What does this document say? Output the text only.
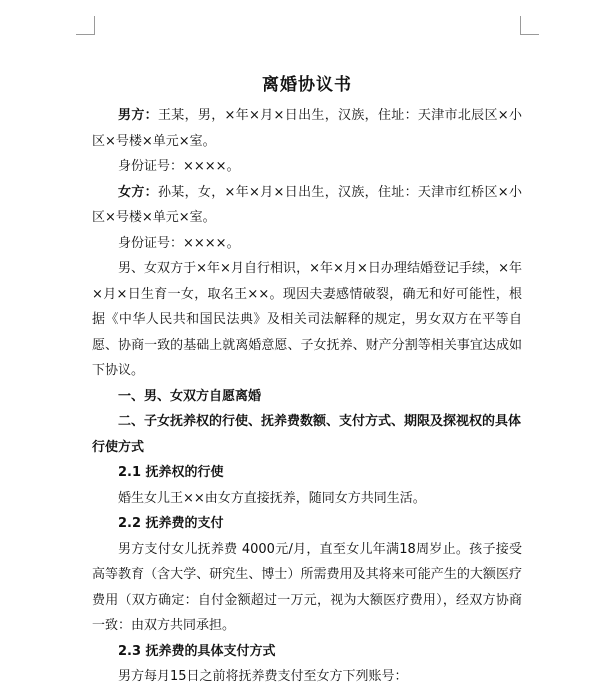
离婚协议书

男方：王某，男，×年×月×日出生，汉族，住址：天津市北辰区×小区×号楼×单元×室。

身份证号：××××。

女方：孙某，女，×年×月×日出生，汉族，住址：天津市红桥区×小区×号楼×单元×室。

身份证号：××××。

男、女双方于×年×月自行相识，×年×月×日办理结婚登记手续，×年×月×日生育一女，取名王××。现因夫妻感情破裂，确无和好可能性，根据《中华人民共和国民法典》及相关司法解释的规定，男女双方在平等自愿、协商一致的基础上就离婚意愿、子女抚养、财产分割等相关事宜达成如下协议。

一、男、女双方自愿离婚

二、子女抚养权的行使、抚养费数额、支付方式、期限及探视权的具体行使方式

2.1 抚养权的行使

婚生女儿王××由女方直接抚养，随同女方共同生活。

2.2 抚养费的支付

男方支付女儿抚养费 4000元/月，直至女儿年满18周岁止。孩子接受高等教育（含大学、研究生、博士）所需费用及其将来可能产生的大额医疗费用（双方确定：自付金额超过一万元，视为大额医疗费用），经双方协商一致：由双方共同承担。

2.3 抚养费的具体支付方式

男方每月15日之前将抚养费支付至女方下列账号：
